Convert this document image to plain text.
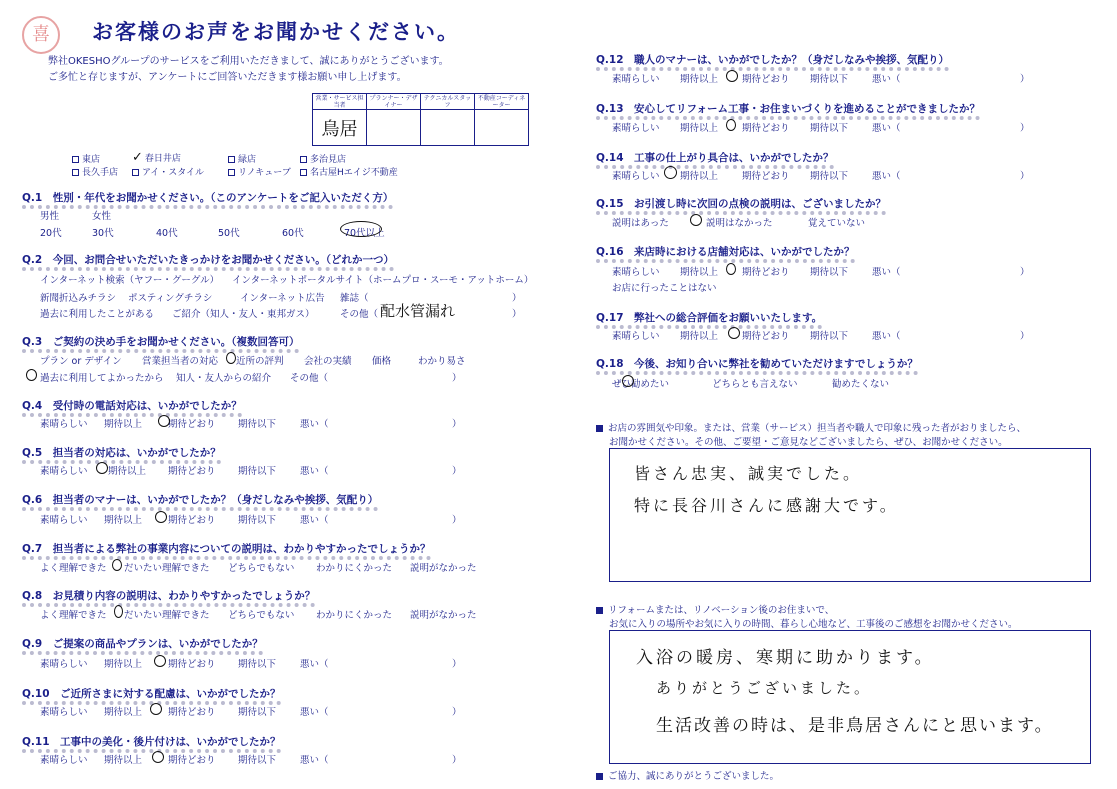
喜	お客様のお声をお聞かせください。
弊社OKESHOグループのサービスをご利用いただきまして、誠にありがとうございます。
ご多忙と存じますが、アンケートにご回答いただきます様お願い申し上げます。
営業・サービス担当者	プランナー・デザイナー	テクニカルスタッフ	不動産コーディネーター
鳥居			
東店 ✓ 春日井店	緑店	多治見店
長久手店	アイ・スタイル	リノキューブ	名古屋Hエイジ不動産
Q.1　性別・年代をお聞かせください。（このアンケートをご記入いただく方）
男性	女性
20代	30代	40代	50代	60代	70代以上
Q.2　今回、お問合せいただいたきっかけをお聞かせください。（どれか一つ）
インターネット検索（ヤフー・グーグル） インターネットポータルサイト（ホームプロ・スーモ・アットホーム）
新聞折込みチラシ ポスティングチラシ	インターネット広告 雑誌（	）
過去に利用したことがある ご紹介（知人・友人・東邦ガス）	その他（ 配水管漏れ	）
Q.3　ご契約の決め手をお聞かせください。（複数回答可）
プラン or デザイン 営業担当者の対応 近所の評判 会社の実績 価格	わかり易さ
過去に利用してよかったから 知人・友人からの紹介 その他（	）
Q.4　受付時の電話対応は、いかがでしたか？
素晴らしい 期待以上	期待どおり 期待以下	悪い（	）
Q.5　担当者の対応は、いかがでしたか？
素晴らしい 期待以上 期待どおり 期待以下	悪い（	）
Q.6　担当者のマナーは、いかがでしたか？（身だしなみや挨拶、気配り）
素晴らしい 期待以上	期待どおり 期待以下	悪い（	）
Q.7　担当者による弊社の事業内容についての説明は、わかりやすかったでしょうか？
よく理解できた だいたい理解できた どちらでもない わかりにくかった 説明がなかった
Q.8　お見積り内容の説明は、わかりやすかったでしょうか？
よく理解できた だいたい理解できた どちらでもない わかりにくかった 説明がなかった
Q.9　ご提案の商品やプランは、いかがでしたか？
素晴らしい 期待以上	期待どおり 期待以下	悪い（	）
Q.10　ご近所さまに対する配慮は、いかがでしたか？
素晴らしい 期待以上	期待どおり 期待以下	悪い（	）
Q.11　工事中の美化・後片付けは、いかがでしたか？
素晴らしい 期待以上	期待どおり 期待以下	悪い（	）
Q.12　職人のマナーは、いかがでしたか？（身だしなみや挨拶、気配り）
素晴らしい 期待以上	期待どおり 期待以下	悪い（	）
Q.13　安心してリフォーム工事・お住まいづくりを進めることができましたか？
素晴らしい 期待以上	期待どおり 期待以下	悪い（	）
Q.14　工事の仕上がり具合は、いかがでしたか？
素晴らしい 期待以上	期待どおり 期待以下	悪い（	）
Q.15　お引渡し時に次回の点検の説明は、ございましたか？
説明はあった	説明はなかった	覚えていない
Q.16　来店時における店舗対応は、いかがでしたか？
素晴らしい 期待以上	期待どおり 期待以下	悪い（	）
お店に行ったことはない
Q.17　弊社への総合評価をお願いいたします。
素晴らしい 期待以上	期待どおり 期待以下	悪い（	）
Q.18　今後、お知り合いに弊社を勧めていただけますでしょうか？
ぜひ勧めたい	どちらとも言えない	勧めたくない
お店の雰囲気や印象。または、営業（サービス）担当者や職人で印象に残った者がおりましたら、
お聞かせください。その他、ご要望・ご意見などございましたら、ぜひ、お聞かせください。
皆さん忠実、誠実でした。
特に長谷川さんに感謝大です。
リフォームまたは、リノベーション後のお住まいで、
お気に入りの場所やお気に入りの時間、暮らし心地など、工事後のご感想をお聞かせください。
入浴の暖房、寒期に助かります。
ありがとうございました。
生活改善の時は、是非鳥居さんにと思います。
ご協力、誠にありがとうございました。
